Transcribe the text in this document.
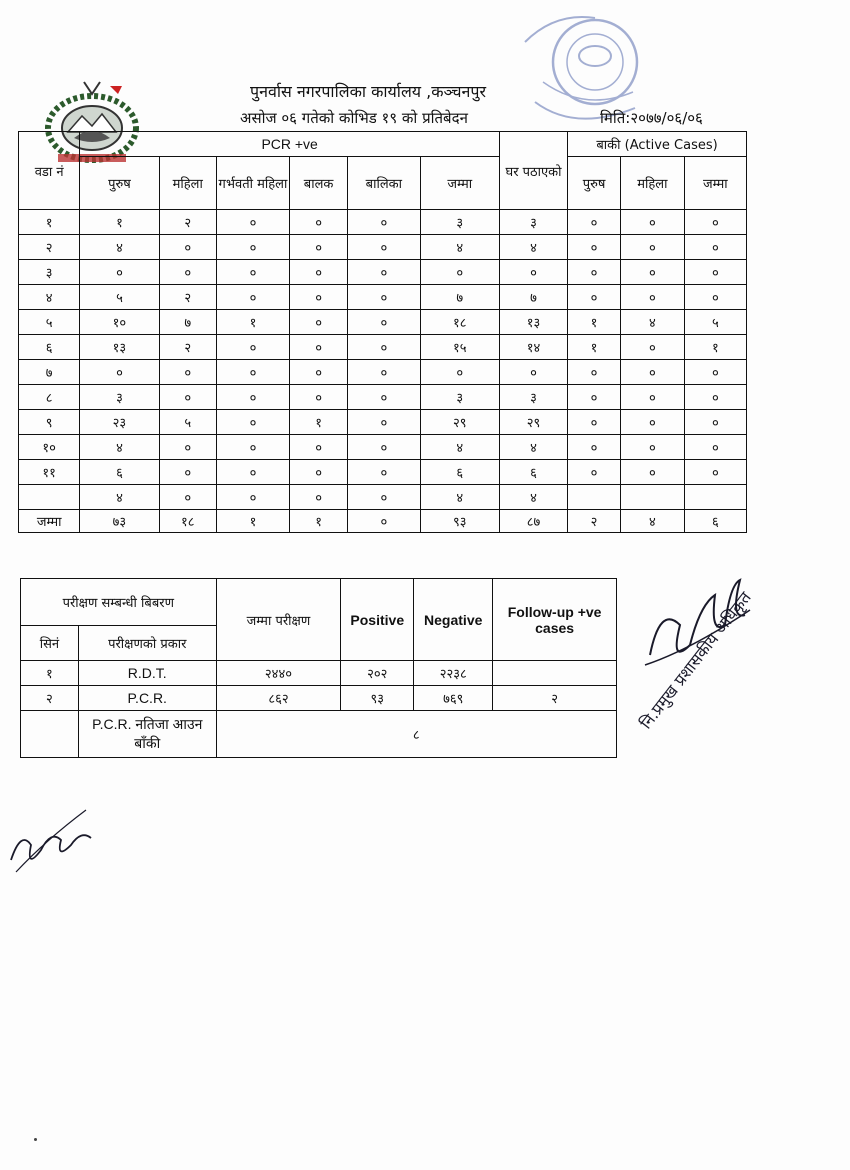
पुनर्वास नगरपालिका कार्यालय ,कञ्चनपुर
असोज ०६ गतेको कोभिड १९ को प्रतिबेदन	मिति:२०७७/०६/०६
वडा नं	PCR +ve						घर पठाएको	बाकी (Active Cases)		
	पुरुष	महिला	गर्भवती महिला	बालक	बालिका	जम्मा		पुरुष	महिला	जम्मा
१	१	२	०	०	०	३	३	०	०	०
२	४	०	०	०	०	४	४	०	०	०
३	०	०	०	०	०	०	०	०	०	०
४	५	२	०	०	०	७	७	०	०	०
५	१०	७	१	०	०	१८	१३	१	४	५
६	१३	२	०	०	०	१५	१४	१	०	१
७	०	०	०	०	०	०	०	०	०	०
८	३	०	०	०	०	३	३	०	०	०
९	२३	५	०	१	०	२९	२९	०	०	०
१०	४	०	०	०	०	४	४	०	०	०
११	६	०	०	०	०	६	६	०	०	०
	४	०	०	०	०	४	४			
जम्मा	७३	१८	१	१	०	९३	८७	२	४	६
परीक्षण सम्बन्धी बिबरण		जम्मा परीक्षण	Positive	Negative	Follow-up +ve cases
सिनं	परीक्षणको प्रकार				
१	R.D.T.	२४४०	२०२	२२३८	
२	P.C.R.	८६२	९३	७६९	२
	P.C.R. नतिजा आउन बाँकी	८			
नि.प्रमुख प्रशासकीय अधिकृत
